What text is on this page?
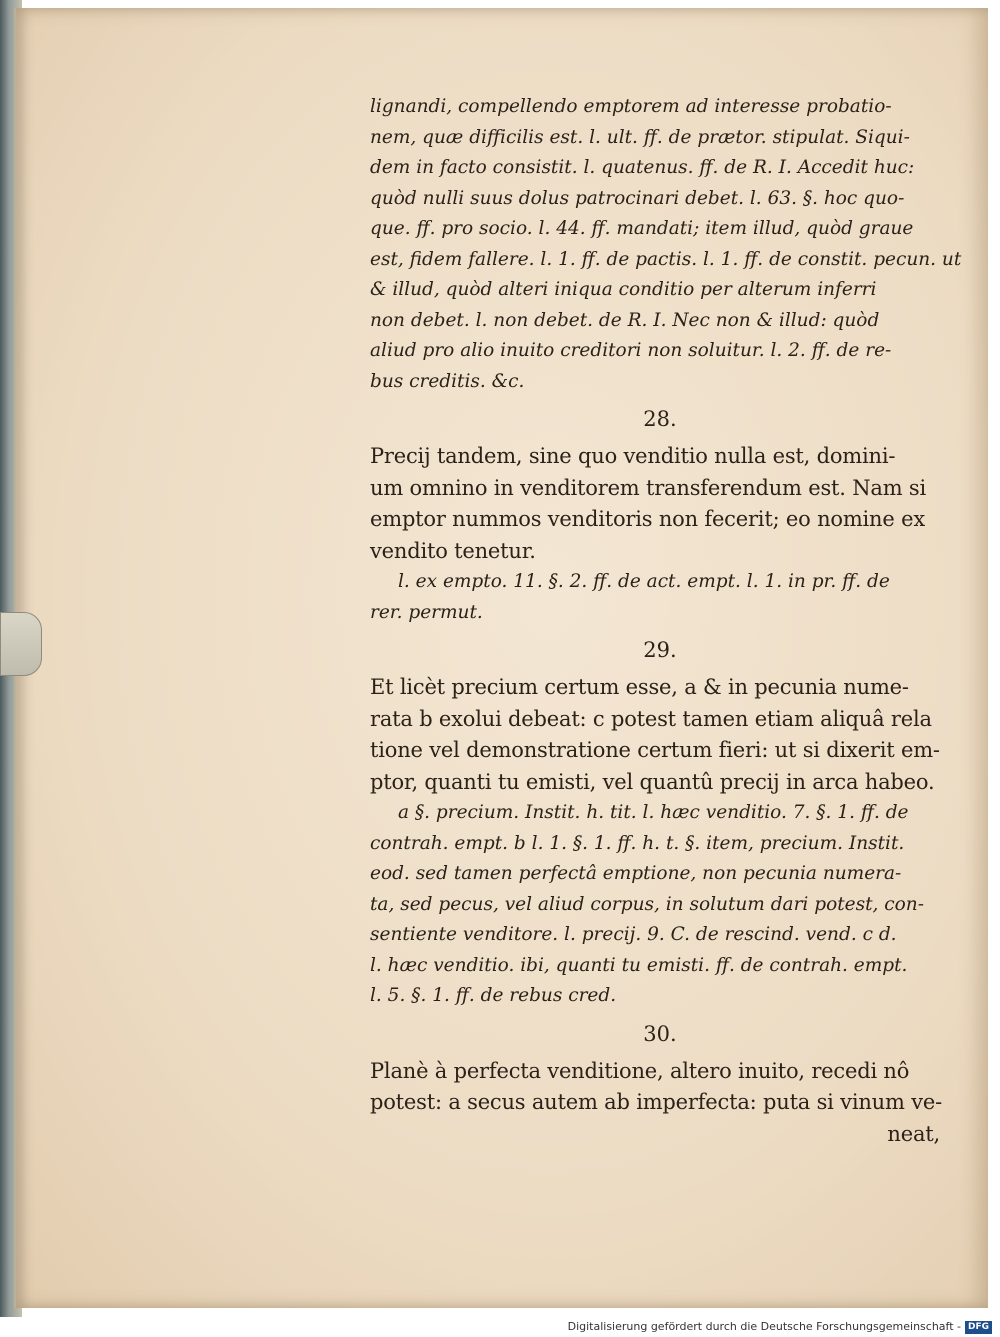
lignandi, compellendo emptorem ad interesse probatio-

nem, quæ difficilis est. l. ult. ff. de prætor. stipulat. Siqui-

dem in facto consistit. l. quatenus. ff. de R. I. Accedit huc:

quòd nulli suus dolus patrocinari debet. l. 63. §. hoc quo-

que. ff. pro socio. l. 44. ff. mandati; item illud, quòd graue

est, fidem fallere. l. 1. ff. de pactis. l. 1. ff. de constit. pecun. ut

& illud, quòd alteri iniqua conditio per alterum inferri

non debet. l. non debet. de R. I. Nec non & illud: quòd

aliud pro alio inuito creditori non soluitur. l. 2. ff. de re-

bus creditis. &c.

28.

Precij tandem, sine quo venditio nulla est, domini-

um omnino in venditorem transferendum est. Nam si

emptor nummos venditoris non fecerit; eo nomine ex

vendito tenetur.

l. ex empto. 11. §. 2. ff. de act. empt. l. 1. in pr. ff. de

rer. permut.

29.

Et licèt precium certum esse, a & in pecunia nume-

rata b exolui debeat: c potest tamen etiam aliquâ rela

tione vel demonstratione certum fieri: ut si dixerit em-

ptor, quanti tu emisti, vel quantû precij in arca habeo.

a §. precium. Instit. h. tit. l. hæc venditio. 7. §. 1. ff. de

contrah. empt. b l. 1. §. 1. ff. h. t. §. item, precium. Instit.

eod. sed tamen perfectâ emptione, non pecunia numera-

ta, sed pecus, vel aliud corpus, in solutum dari potest, con-

sentiente venditore. l. precij. 9. C. de rescind. vend. c d.

l. hæc venditio. ibi, quanti tu emisti. ff. de contrah. empt.

l. 5. §. 1. ff. de rebus cred.

30.

Planè à perfecta venditione, altero inuito, recedi nô

potest: a secus autem ab imperfecta: puta si vinum ve-

neat,

Digitalisierung gefördert durch die Deutsche Forschungsgemeinschaft - DFG
